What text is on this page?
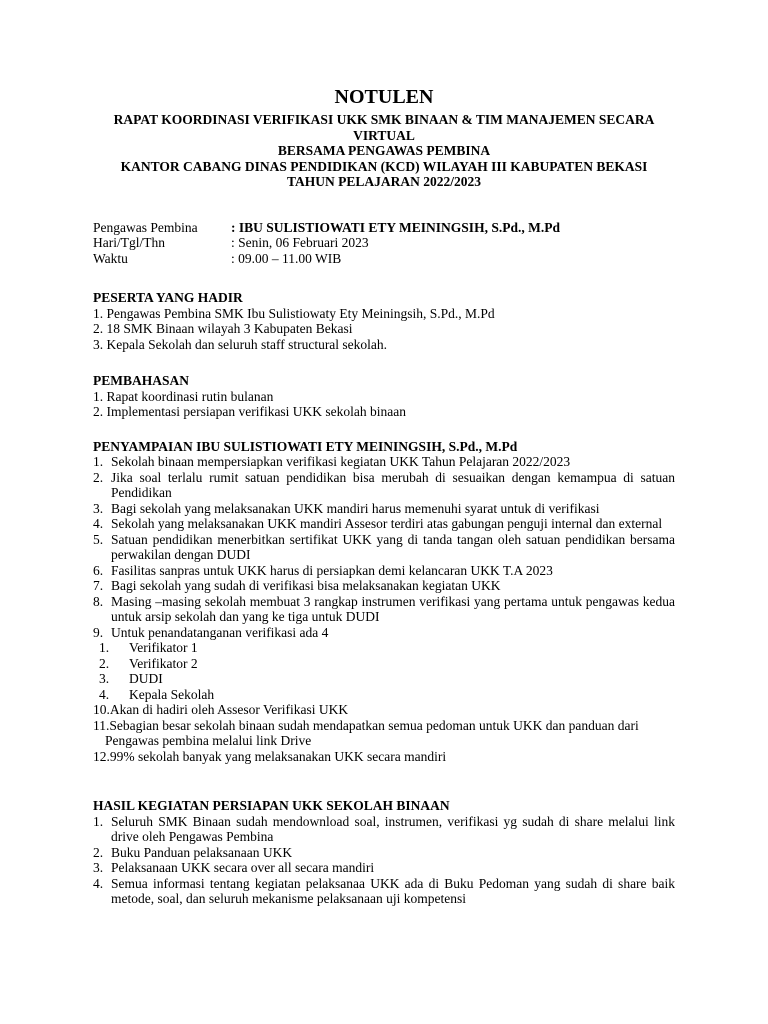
NOTULEN
RAPAT KOORDINASI VERIFIKASI UKK SMK BINAAN & TIM MANAJEMEN SECARA VIRTUAL
BERSAMA PENGAWAS PEMBINA
KANTOR CABANG DINAS PENDIDIKAN (KCD) WILAYAH III KABUPATEN BEKASI
TAHUN PELAJARAN 2022/2023
Pengawas Pembina	: IBU SULISTIOWATI ETY MEININGSIH, S.Pd., M.Pd
Hari/Tgl/Thn	: Senin, 06 Februari 2023
Waktu	: 09.00 – 11.00 WIB
PESERTA YANG HADIR
1. Pengawas Pembina SMK Ibu Sulistiowaty Ety Meiningsih, S.Pd., M.Pd
2. 18 SMK Binaan wilayah 3 Kabupaten Bekasi
3. Kepala Sekolah dan seluruh staff structural sekolah.
PEMBAHASAN
1. Rapat koordinasi rutin bulanan
2. Implementasi persiapan verifikasi UKK sekolah binaan
PENYAMPAIAN IBU SULISTIOWATI ETY MEININGSIH, S.Pd., M.Pd
1. Sekolah binaan mempersiapkan verifikasi kegiatan UKK Tahun Pelajaran 2022/2023
2. Jika soal terlalu rumit satuan pendidikan bisa merubah di sesuaikan dengan kemampua di satuan Pendidikan
3. Bagi sekolah yang melaksanakan UKK mandiri harus memenuhi syarat untuk di verifikasi
4. Sekolah yang melaksanakan UKK mandiri Assesor terdiri atas gabungan penguji internal dan external
5. Satuan pendidikan menerbitkan sertifikat UKK yang di tanda tangan oleh satuan pendidikan bersama perwakilan dengan DUDI
6. Fasilitas sanpras untuk UKK harus di persiapkan demi kelancaran UKK T.A 2023
7. Bagi sekolah yang sudah di verifikasi bisa melaksanakan kegiatan UKK
8. Masing –masing sekolah membuat 3 rangkap instrumen verifikasi yang pertama untuk pengawas kedua untuk arsip sekolah dan yang ke tiga untuk DUDI
9. Untuk penandatanganan verifikasi ada 4
1. Verifikator 1
2. Verifikator 2
3. DUDI
4. Kepala Sekolah
10.Akan di hadiri oleh Assesor Verifikasi UKK
11.Sebagian besar sekolah binaan sudah mendapatkan semua pedoman untuk UKK dan panduan dari
Pengawas pembina melalui link Drive
12.99% sekolah banyak yang melaksanakan UKK secara mandiri
HASIL KEGIATAN PERSIAPAN UKK SEKOLAH BINAAN
1. Seluruh SMK Binaan sudah mendownload soal, instrumen, verifikasi yg sudah di share melalui link drive oleh Pengawas Pembina
2. Buku Panduan pelaksanaan UKK
3. Pelaksanaan UKK secara over all secara mandiri
4. Semua informasi tentang kegiatan pelaksanaa UKK ada di Buku Pedoman yang sudah di share baik metode, soal, dan seluruh mekanisme pelaksanaan uji kompetensi
